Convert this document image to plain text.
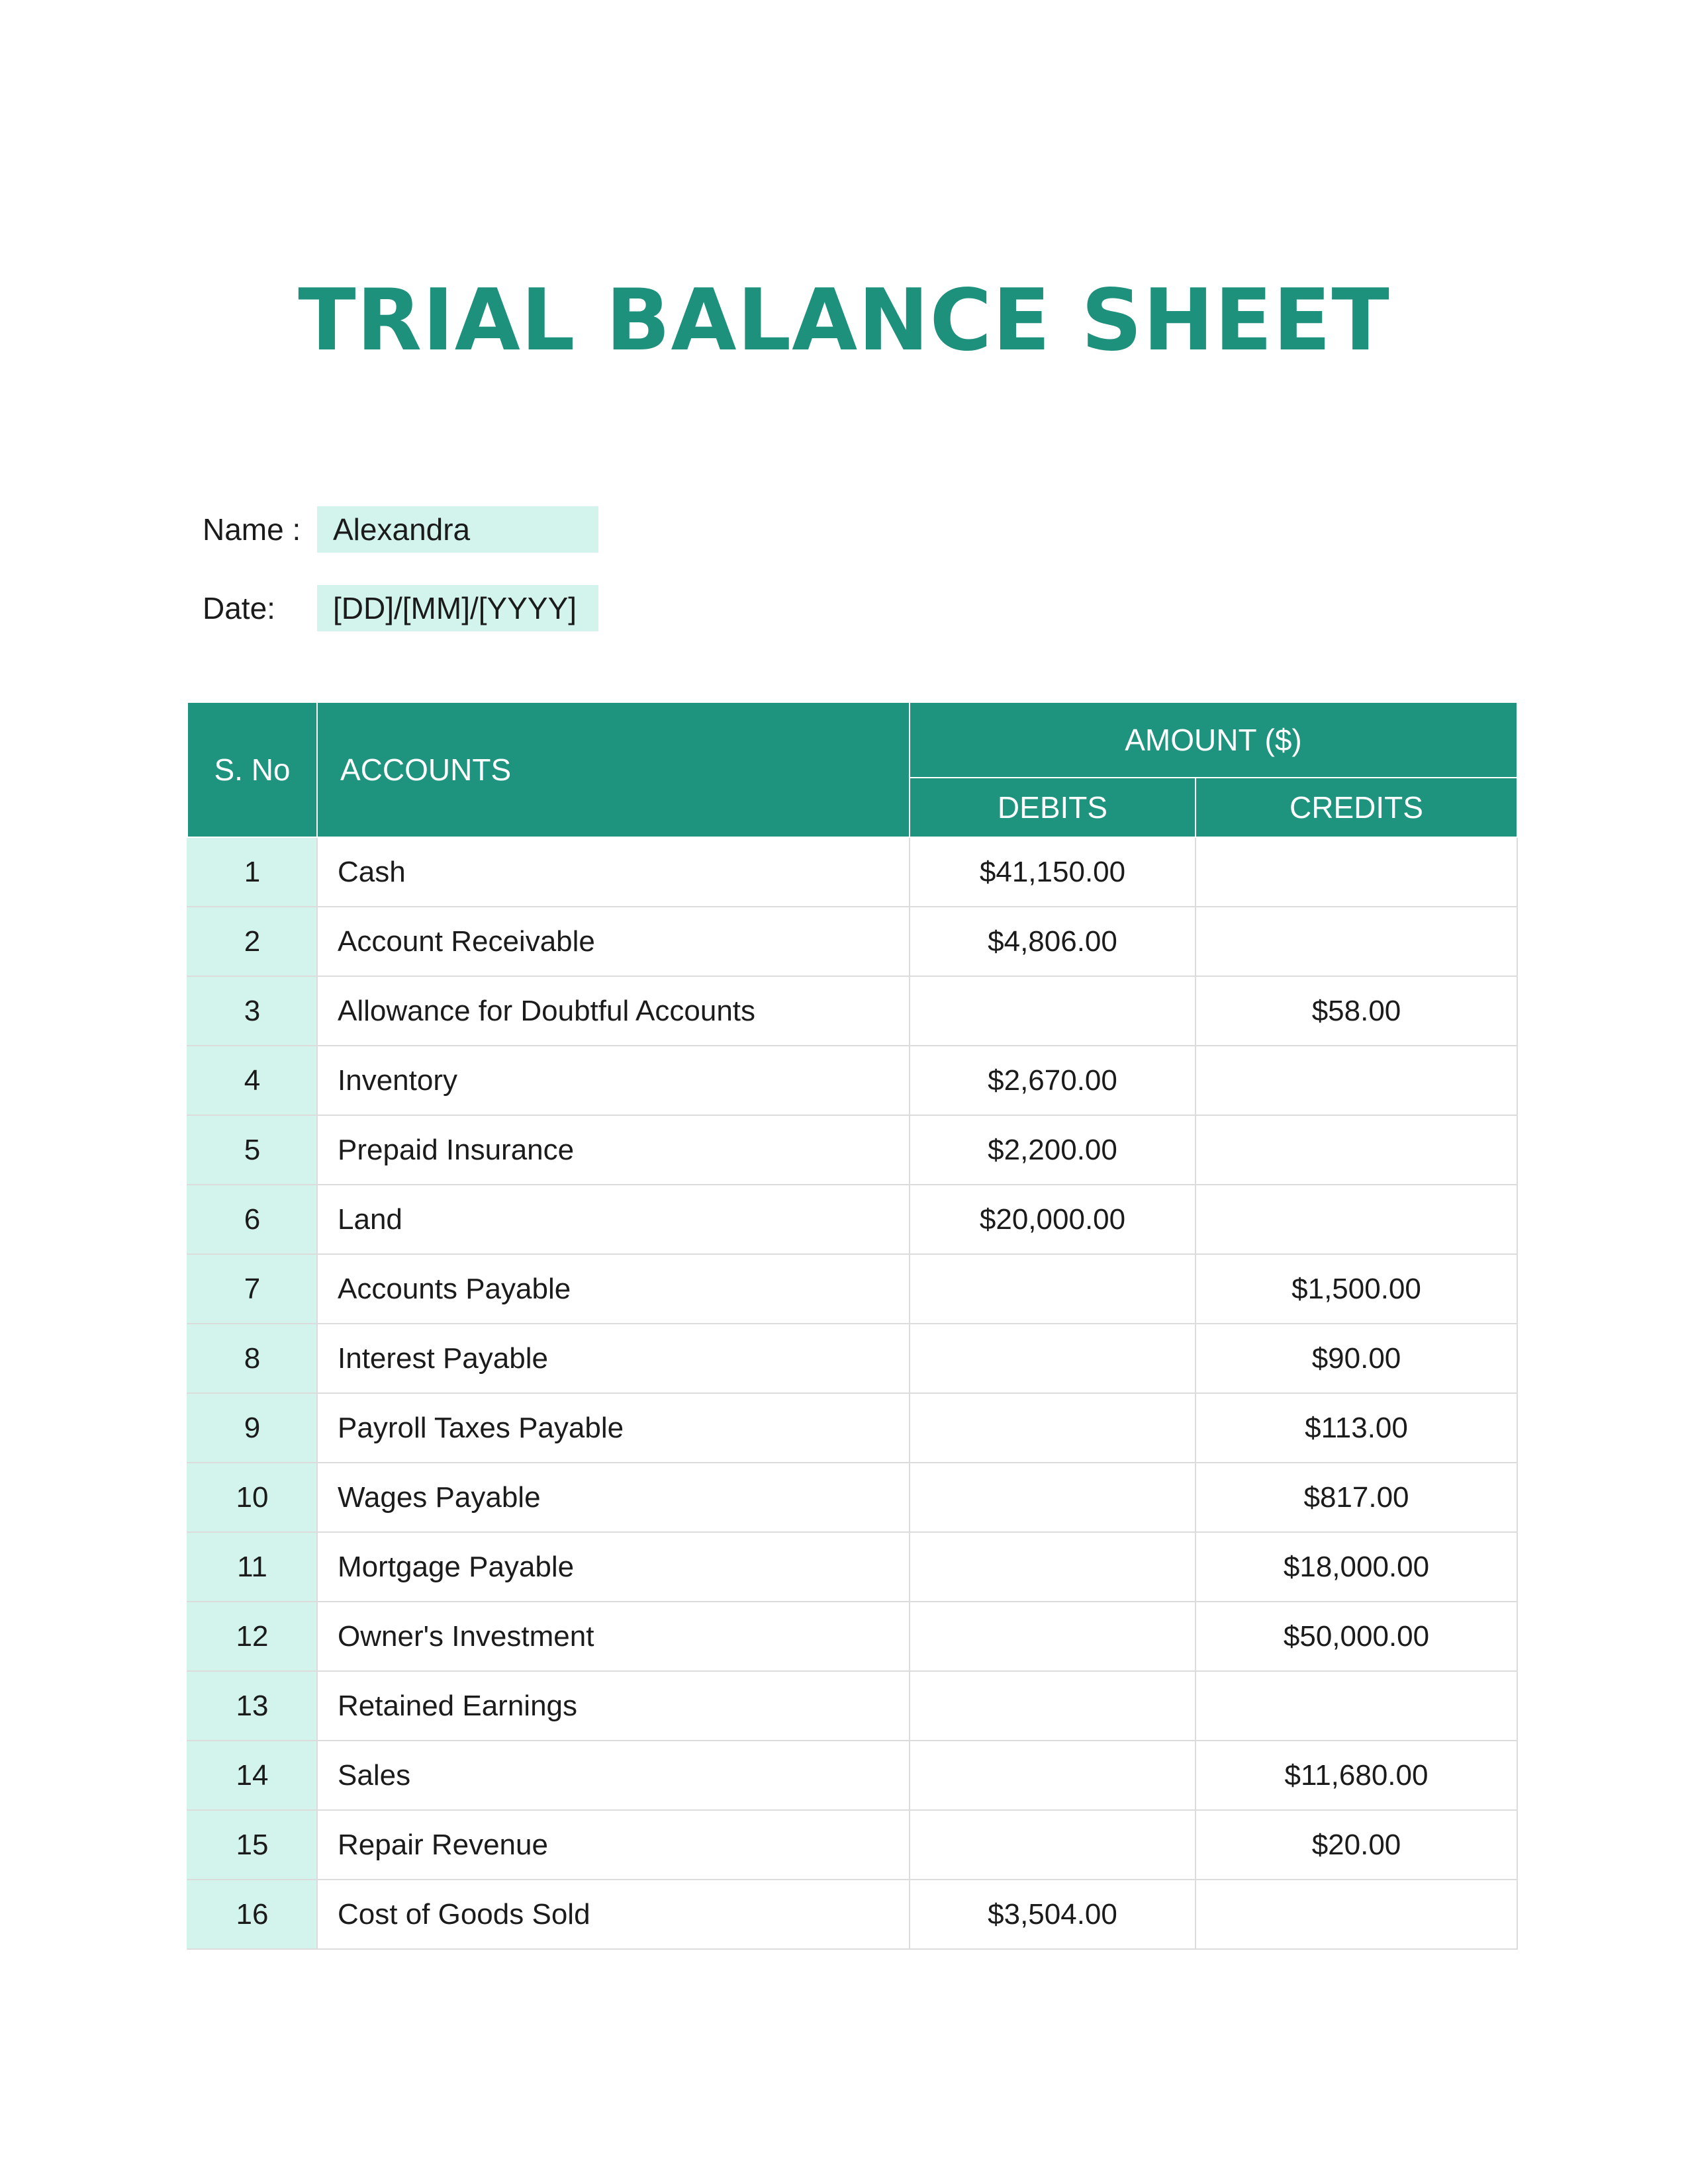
TRIAL BALANCE SHEET
Name :	Alexandra
Date:	[DD]/[MM]/[YYYY]
S. No	ACCOUNTS	AMOUNT ($)	
		DEBITS	CREDITS
1	Cash	$41,150.00	
2	Account Receivable	$4,806.00	
3	Allowance for Doubtful Accounts		$58.00
4	Inventory	$2,670.00	
5	Prepaid Insurance	$2,200.00	
6	Land	$20,000.00	
7	Accounts Payable		$1,500.00
8	Interest Payable		$90.00
9	Payroll Taxes Payable		$113.00
10	Wages Payable		$817.00
11	Mortgage Payable		$18,000.00
12	Owner's Investment		$50,000.00
13	Retained Earnings		
14	Sales		$11,680.00
15	Repair Revenue		$20.00
16	Cost of Goods Sold	$3,504.00	
